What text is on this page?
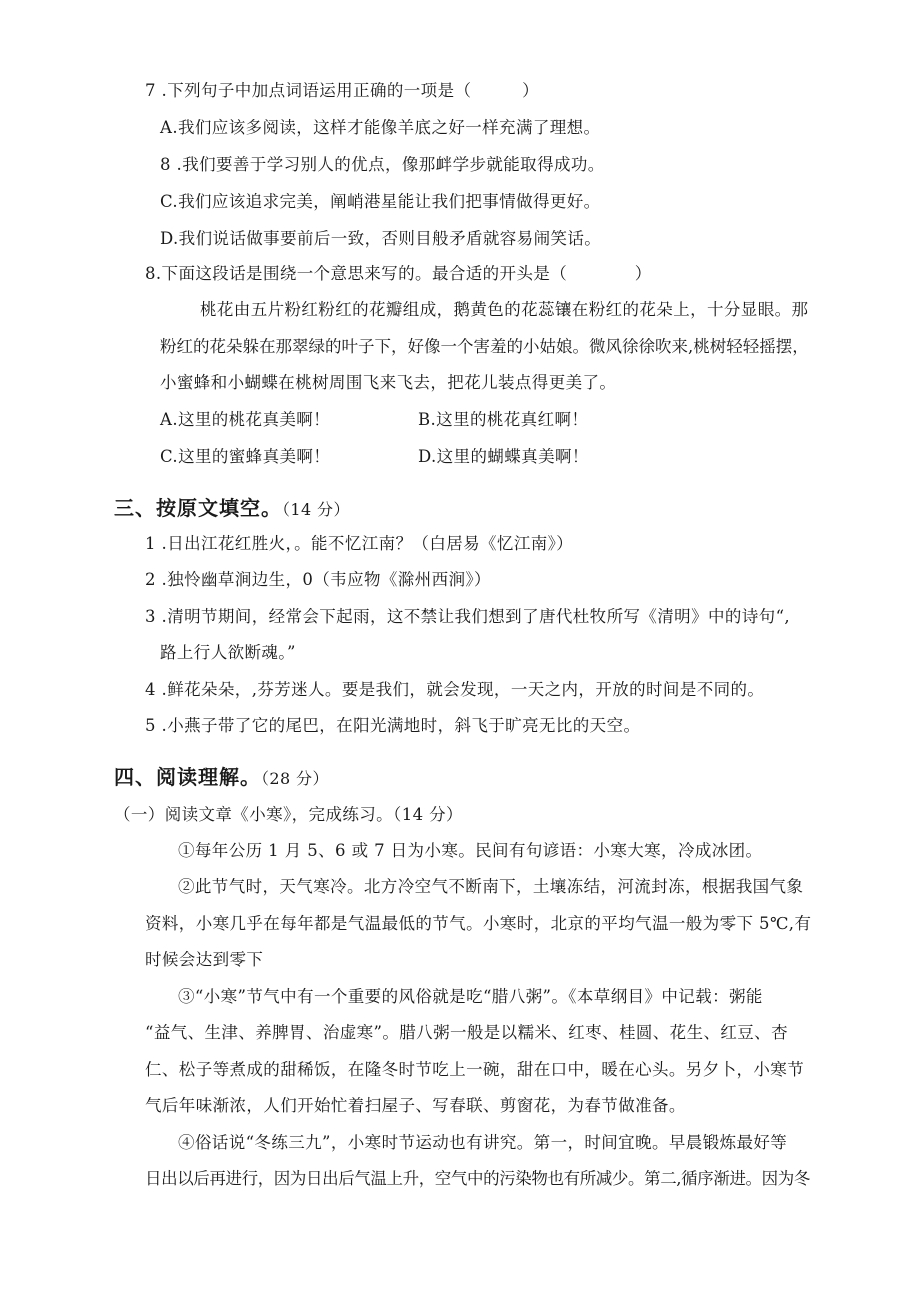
7 .下列句子中加点词语运用正确的一项是（　　　）
A.我们应该多阅读，这样才能像羊底之好一样充满了理想。
8 .我们要善于学习别人的优点，像那衅学步就能取得成功。
C.我们应该追求完美，阐峭港星能让我们把事情做得更好。
D.我们说话做事要前后一致，否则目般矛盾就容易闹笑话。
8.下面这段话是围绕一个意思来写的。最合适的开头是（　　　　）
桃花由五片粉红粉红的花瓣组成，鹅黄色的花蕊镶在粉红的花朵上，十分显眼。那
粉红的花朵躲在那翠绿的叶子下，好像一个害羞的小姑娘。微风徐徐吹来,桃树轻轻摇摆，
小蜜蜂和小蝴蝶在桃树周围飞来飞去，把花儿装点得更美了。
A.这里的桃花真美啊！	B.这里的桃花真红啊！
C.这里的蜜蜂真美啊！	D.这里的蝴蝶真美啊！
三、按原文填空。（14 分）
1 .日出江花红胜火，。能不忆江南？（白居易《忆江南》）
2 .独怜幽草涧边生，0（韦应物《滁州西涧》）
3 .清明节期间，经常会下起雨，这不禁让我们想到了唐代杜牧所写《清明》中的诗句“,
路上行人欲断魂。”
4 .鲜花朵朵，,芬芳迷人。要是我们，就会发现，一天之内，开放的时间是不同的。
5 .小燕子带了它的尾巴，在阳光满地时，斜飞于旷亮无比的天空。
四、阅读理解。（28 分）
（一）阅读文章《小寒》，完成练习。（14 分）
①每年公历 1 月 5、6 或 7 日为小寒。民间有句谚语：小寒大寒，冷成冰团。
②此节气时，天气寒冷。北方冷空气不断南下，土壤冻结，河流封冻，根据我国气象
资料，小寒几乎在每年都是气温最低的节气。小寒时，北京的平均气温一般为零下 5℃,有
时候会达到零下
③“小寒”节气中有一个重要的风俗就是吃“腊八粥”。《本草纲目》中记载：粥能
“益气、生津、养脾胃、治虚寒”。腊八粥一般是以糯米、红枣、桂圆、花生、红豆、杏
仁、松子等煮成的甜稀饭，在隆冬时节吃上一碗，甜在口中，暖在心头。另夕卜，小寒节
气后年味渐浓，人们开始忙着扫屋子、写春联、剪窗花，为春节做准备。
④俗话说“冬练三九”，小寒时节运动也有讲究。第一，时间宜晚。早晨锻炼最好等
日出以后再进行，因为日出后气温上升，空气中的污染物也有所减少。第二,循序渐进。因为冬
